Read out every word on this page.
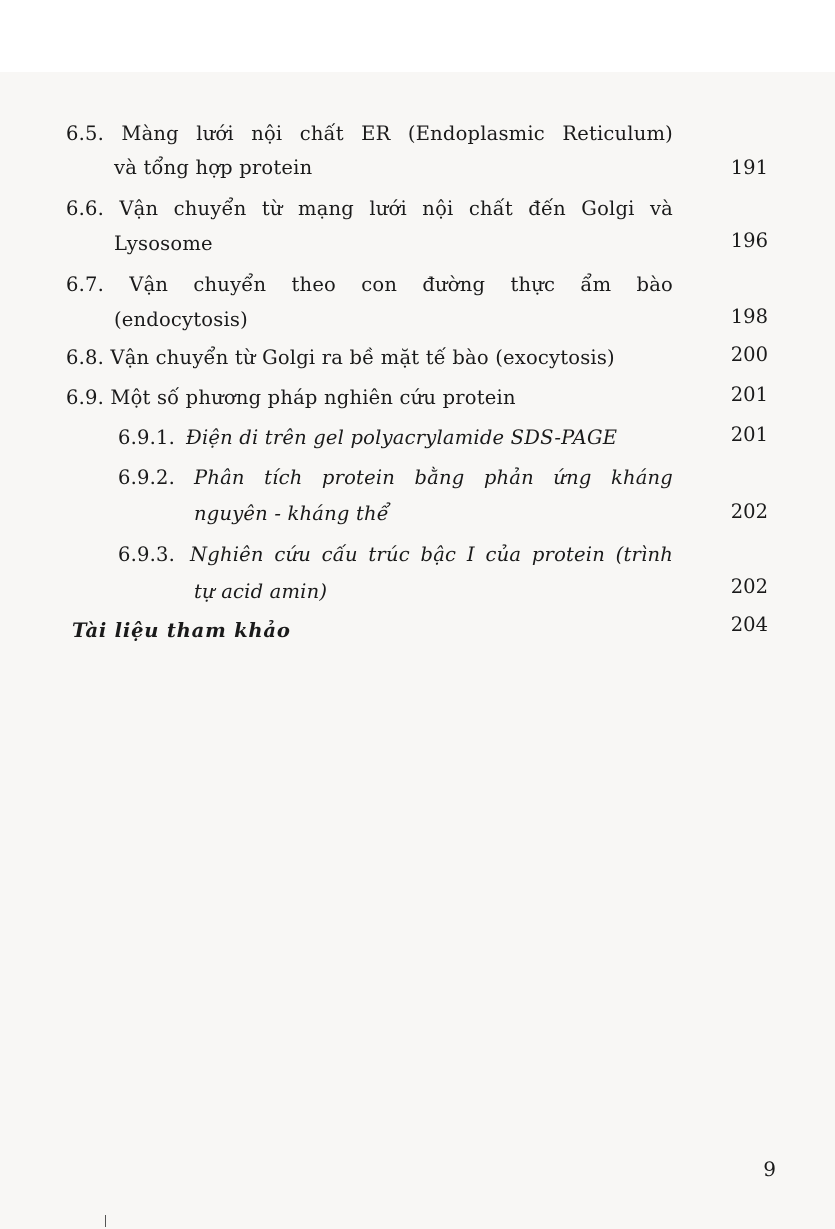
6.5. Màng lưới nội chất ER (Endoplasmic Reticulum)
và tổng hợp protein	191
6.6. Vận chuyển từ mạng lưới nội chất đến Golgi và
Lysosome	196
6.7. Vận chuyển theo con đường thực ẩm bào
(endocytosis)	198
6.8. Vận chuyển từ Golgi ra bề mặt tế bào (exocytosis)	200
6.9. Một số phương pháp nghiên cứu protein	201
6.9.1. Điện di trên gel polyacrylamide SDS-PAGE	201
6.9.2. Phân tích protein bằng phản ứng kháng
nguyên - kháng thể	202
6.9.3. Nghiên cứu cấu trúc bậc I của protein (trình
tự acid amin)	202
Tài liệu tham khảo	204
9
